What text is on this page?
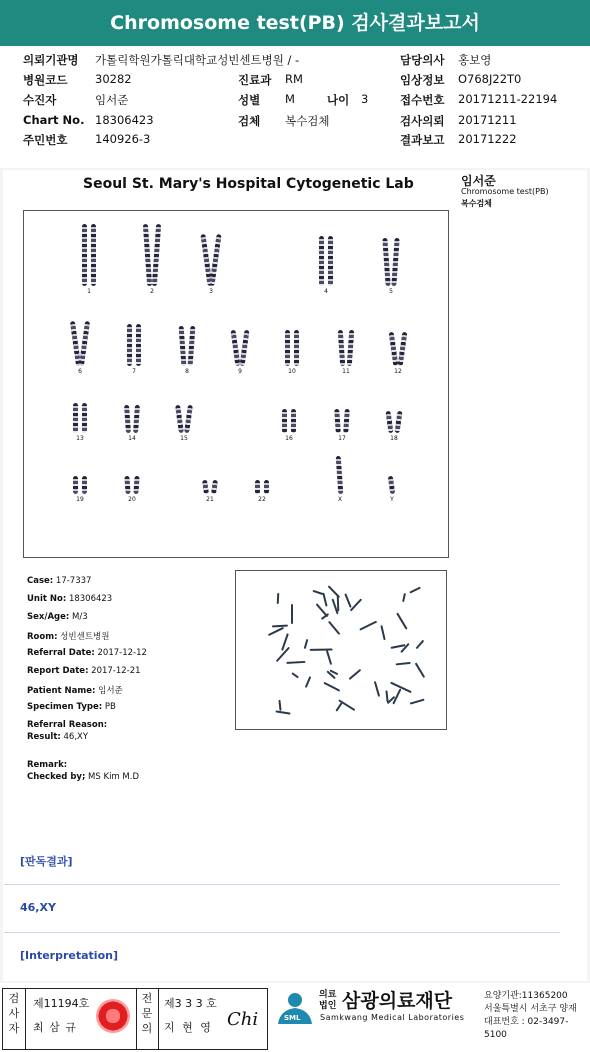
Chromosome test(PB) 검사결과보고서
의뢰기관명 가톨릭학원가톨릭대학교성빈센트병원 / -	담당의사 홍보영
병원코드 30282	진료과 RM	임상정보 O768J22T0
수진자	임서준	성별 M	나이 3	접수번호 20171211-22194
Chart No. 18306423	검체 복수검체	검사의뢰 20171211
주민번호 140926-3	결과보고 20171222
Seoul St. Mary's Hospital Cytogenetic Lab	임서준
Chromosome test(PB)
복수검체
1	2	3	4	5
6	7	8	9	10	11	12
13	14	15	16	17	18
19	20	21	22	X	Y
Case: 17-7337
Unit No: 18306423
Sex/Age: M/3
Room: 성빈센트병원
Referral Date: 2017-12-12
Report Date: 2017-12-21
Patient Name: 임서준
Specimen Type: PB
Referral Reason:
Result: 46,XY
Remark:
Checked by; MS Kim M.D
[판독결과]
46,XY
[Interpretation]
검사자
제11194호
최 삼 규
전문의
제3 3 3 호
지 현 영 Chi	SML
의료
법인 삼광의료재단
Samkwang Medical Laboratories
요양기관:11365200
서울특별시 서초구 양재
대표번호 : 02-3497-5100
